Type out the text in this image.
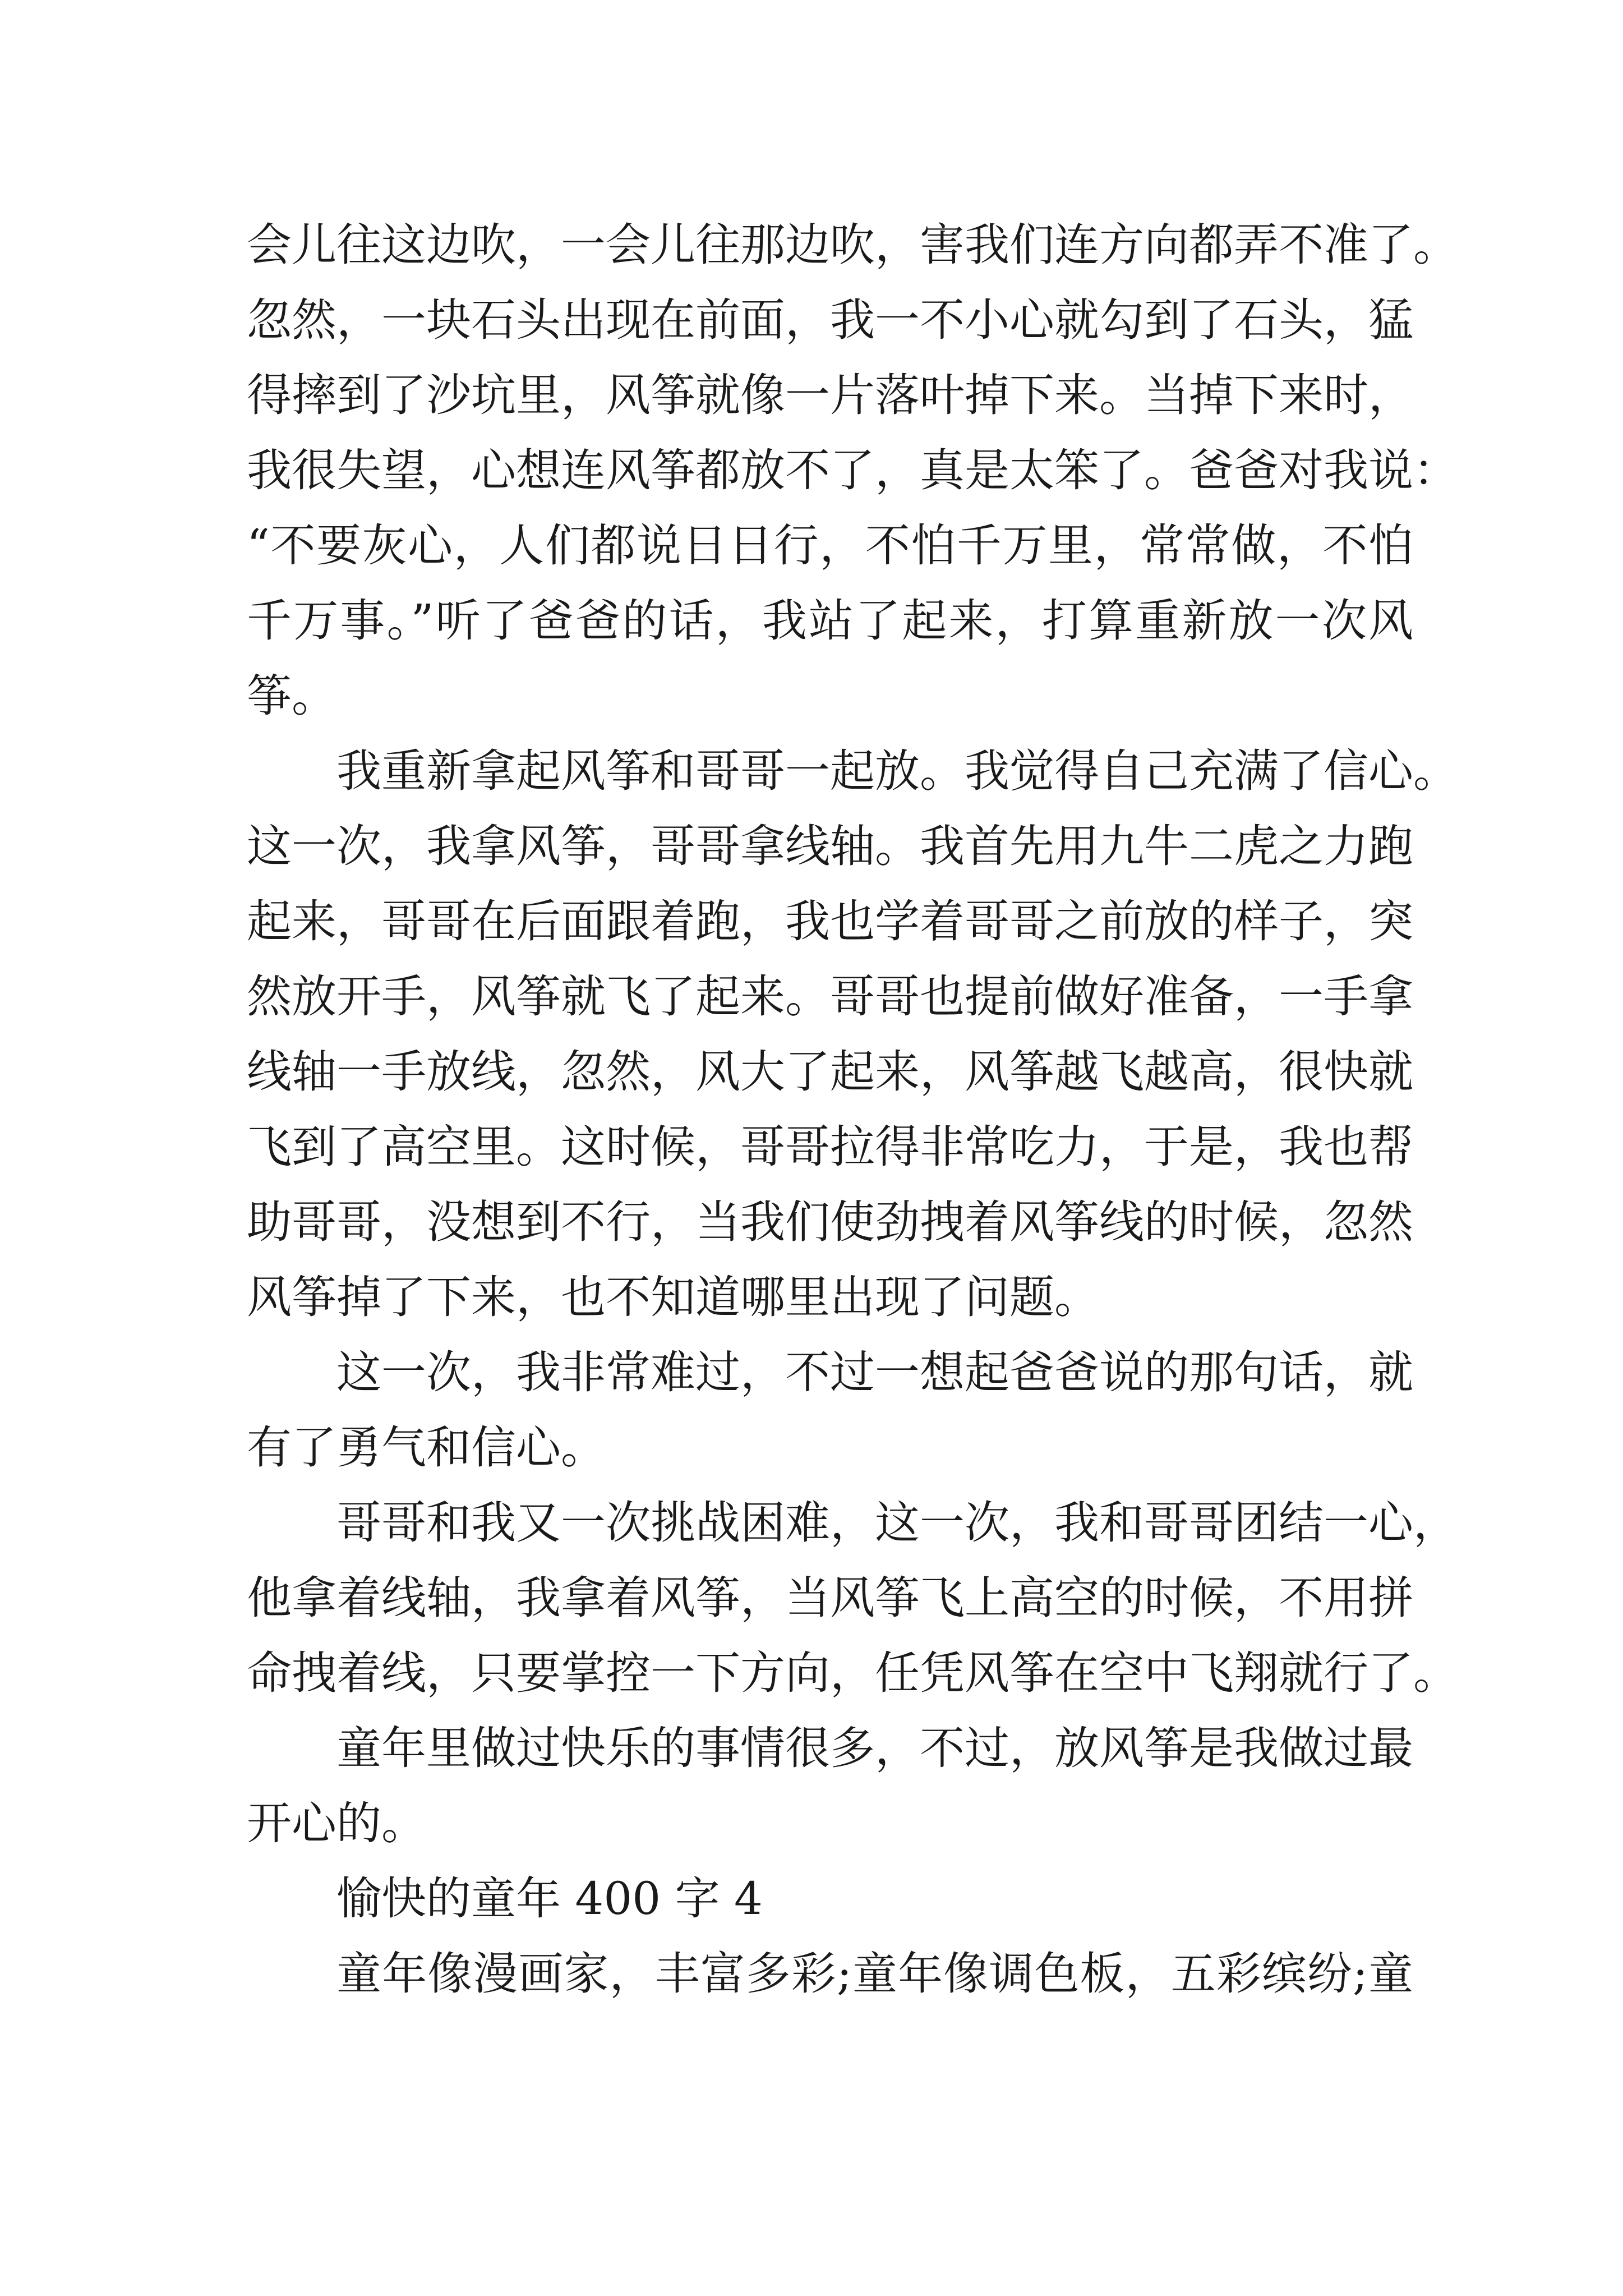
会儿往这边吹，一会儿往那边吹，害我们连方向都弄不准了。
忽然，一块石头出现在前面，我一不小心就勾到了石头，猛
得摔到了沙坑里，风筝就像一片落叶掉下来。当掉下来时，
我很失望，心想连风筝都放不了，真是太笨了。爸爸对我说：
“不要灰心，人们都说日日行，不怕千万里，常常做，不怕
千万事。”听了爸爸的话，我站了起来，打算重新放一次风
筝。
我重新拿起风筝和哥哥一起放。我觉得自己充满了信心。
这一次，我拿风筝，哥哥拿线轴。我首先用九牛二虎之力跑
起来，哥哥在后面跟着跑，我也学着哥哥之前放的样子，突
然放开手，风筝就飞了起来。哥哥也提前做好准备，一手拿
线轴一手放线，忽然，风大了起来，风筝越飞越高，很快就
飞到了高空里。这时候，哥哥拉得非常吃力，于是，我也帮
助哥哥，没想到不行，当我们使劲拽着风筝线的时候，忽然
风筝掉了下来，也不知道哪里出现了问题。
这一次，我非常难过，不过一想起爸爸说的那句话，就
有了勇气和信心。
哥哥和我又一次挑战困难，这一次，我和哥哥团结一心，
他拿着线轴，我拿着风筝，当风筝飞上高空的时候，不用拼
命拽着线，只要掌控一下方向，任凭风筝在空中飞翔就行了。
童年里做过快乐的事情很多，不过，放风筝是我做过最
开心的。
愉快的童年 400 字 4
童年像漫画家，丰富多彩;童年像调色板，五彩缤纷;童
